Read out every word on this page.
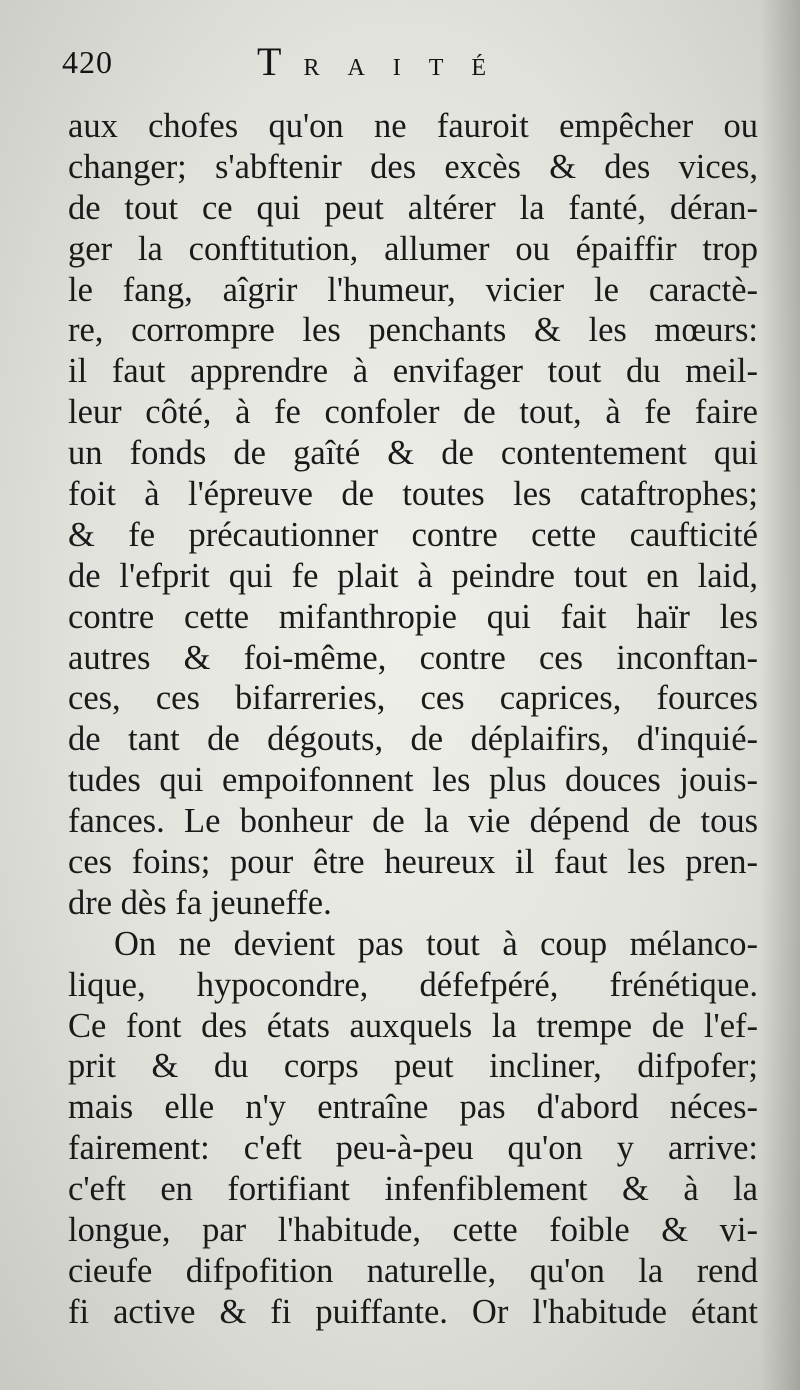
420	TRAITÉ
aux chofes qu'on ne fauroit empêcher ou
changer; s'abftenir des excès & des vices,
de tout ce qui peut altérer la fanté, déran-
ger la conftitution, allumer ou épaiffir trop
le fang, aîgrir l'humeur, vicier le caractè-
re, corrompre les penchants & les mœurs:
il faut apprendre à envifager tout du meil-
leur côté, à fe confoler de tout, à fe faire
un fonds de gaîté & de contentement qui
foit à l'épreuve de toutes les cataftrophes;
& fe précautionner contre cette caufticité
de l'efprit qui fe plait à peindre tout en laid,
contre cette mifanthropie qui fait haïr les
autres & foi-même, contre ces inconftan-
ces, ces bifarreries, ces caprices, fources
de tant de dégouts, de déplaifirs, d'inquié-
tudes qui empoifonnent les plus douces jouis-
fances. Le bonheur de la vie dépend de tous
ces foins; pour être heureux il faut les pren-
dre dès fa jeuneffe.
On ne devient pas tout à coup mélanco-
lique, hypocondre, défefpéré, frénétique.
Ce font des états auxquels la trempe de l'ef-
prit & du corps peut incliner, difpofer;
mais elle n'y entraîne pas d'abord néces-
fairement: c'eft peu-à-peu qu'on y arrive:
c'eft en fortifiant infenfiblement & à la
longue, par l'habitude, cette foible & vi-
cieufe difpofition naturelle, qu'on la rend
fi active & fi puiffante. Or l'habitude étant
